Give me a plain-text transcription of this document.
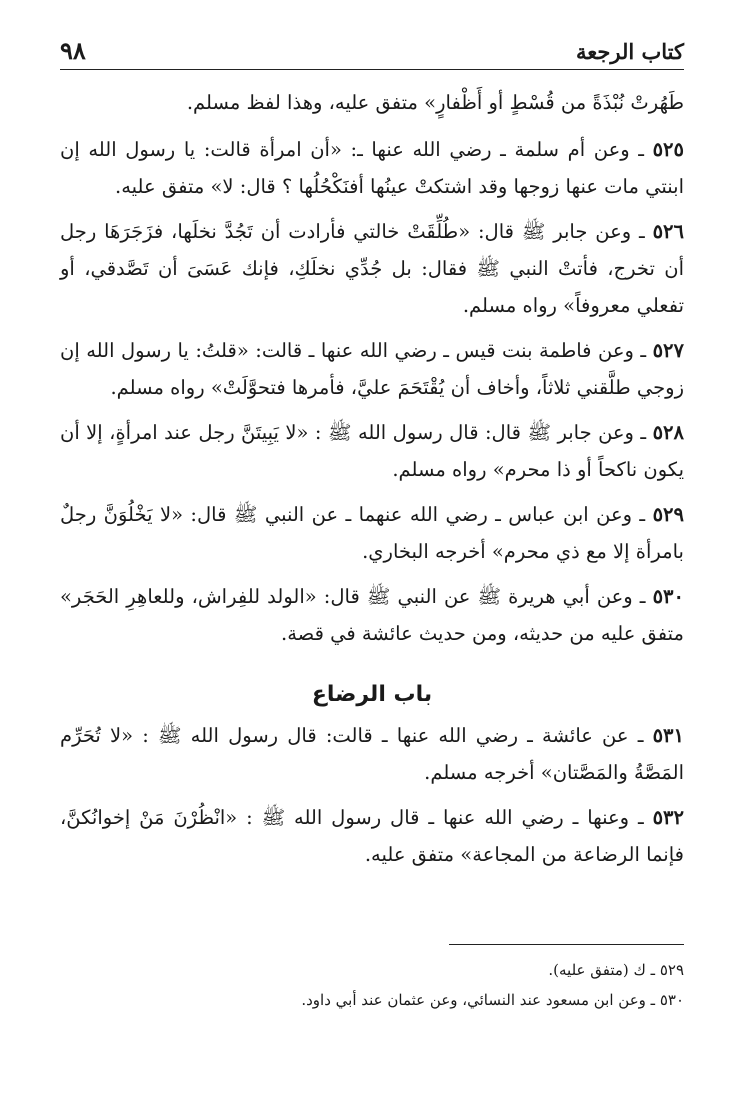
كتاب الرجعة
٩٨

طَهُرتْ نُبْذَةً من قُسْطٍ أو أَظْفارٍ» متفق عليه، وهذا لفظ مسلم.

٥٢٥ ـ وعن أم سلمة ـ رضي الله عنها ـ: «أن امرأة قالت: يا رسول الله إن ابنتي مات عنها زوجها وقد اشتكتْ عينُها أفنَكْحُلُها ؟ قال: لا» متفق عليه.

٥٢٦ ـ وعن جابر ﷺ قال: «طُلِّقَتْ خالتي فأرادت أن تَجُدَّ نخلَها، فزَجَرَهَا رجل أن تخرج، فأتتْ النبي ﷺ فقال: بل جُدِّي نخلَكِ، فإنك عَسَىَ أن تَصَّدقي، أو تفعلي معروفاً» رواه مسلم.

٥٢٧ ـ وعن فاطمة بنت قيس ـ رضي الله عنها ـ قالت: «قلتُ: يا رسول الله إن زوجي طلَّقني ثلاثاً، وأخاف أن يُقْتَحَمَ عليَّ، فأمرها فتحوَّلَتْ» رواه مسلم.

٥٢٨ ـ وعن جابر ﷺ قال: قال رسول الله ﷺ : «لا يَبِيتَنَّ رجل عند امرأةٍ، إلا أن يكون ناكحاً أو ذا محرم» رواه مسلم.

٥٢٩ ـ وعن ابن عباس ـ رضي الله عنهما ـ عن النبي ﷺ قال: «لا يَخْلُوَنَّ رجلٌ بامرأة إلا مع ذي محرم» أخرجه البخاري.

٥٣٠ ـ وعن أبي هريرة ﷺ عن النبي ﷺ قال: «الولد للفِراش، وللعاهِرِ الحَجَر» متفق عليه من حديثه، ومن حديث عائشة في قصة.

باب الرضاع

٥٣١ ـ عن عائشة ـ رضي الله عنها ـ قالت: قال رسول الله ﷺ : «لا تُحَرِّم المَصَّةُ والمَصَّتان» أخرجه مسلم.

٥٣٢ ـ وعنها ـ رضي الله عنها ـ قال رسول الله ﷺ : «انْظُرْنَ مَنْ إخوانُكنَّ، فإنما الرضاعة من المجاعة» متفق عليه.

٥٢٩ ـ ك (متفق عليه).

٥٣٠ ـ وعن ابن مسعود عند النسائي، وعن عثمان عند أبي داود.
